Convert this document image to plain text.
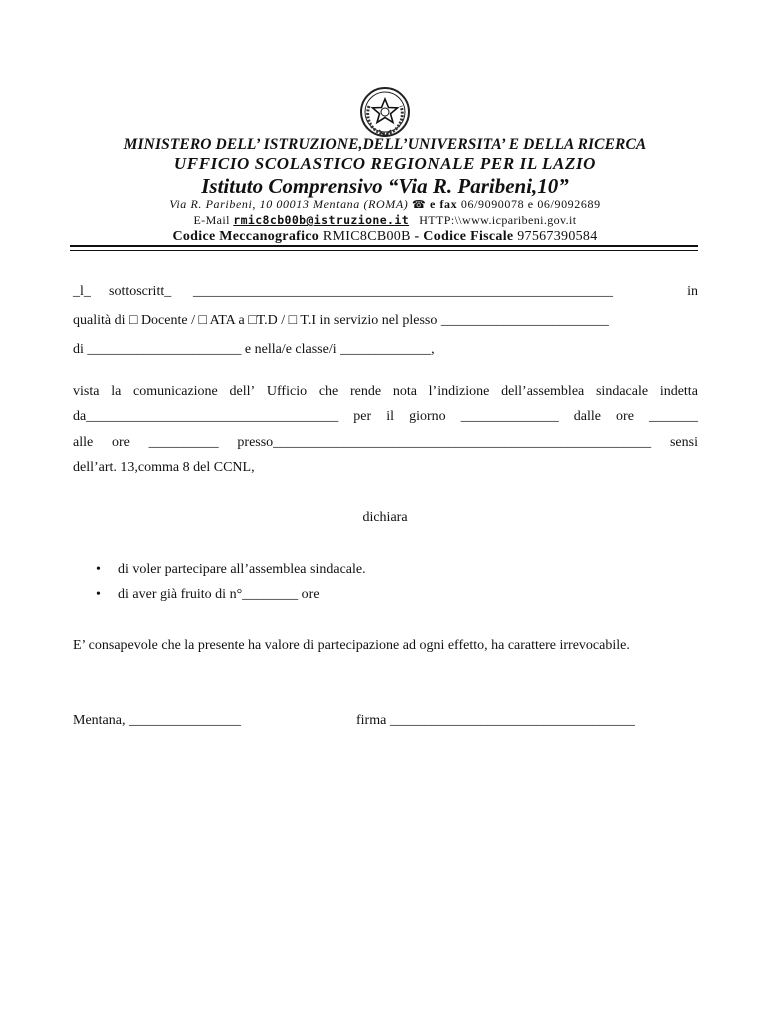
MINISTERO DELL’ ISTRUZIONE,DELL’UNIVERSITA’ E DELLA RICERCA
UFFICIO SCOLASTICO REGIONALE PER IL LAZIO
Istituto Comprensivo “Via R. Paribeni,10”
Via R. Paribeni, 10 00013 Mentana (ROMA) ☎ e fax 06/9090078 e 06/9092689
E-Mail rmic8cb00b@istruzione.it HTTP:\\www.icparibeni.gov.it
Codice Meccanografico RMIC8CB00B - Codice Fiscale 97567390584
_l_ sottoscritt_ ____________________________________________________________	in
qualità di □ Docente / □ ATA a □T.D / □ T.I in servizio nel plesso ________________________
di ______________________ e nella/e classe/i _____________,
vista la comunicazione dell’ Ufficio che rende nota l’indizione dell’assemblea sindacale indetta
da____________________________________ per il giorno ______________ dalle ore _______
alle ore __________ presso______________________________________________________ sensi
dell’art. 13,comma 8 del CCNL,
dichiara
• di voler partecipare all’assemblea sindacale.
• di aver già fruito di n°________ ore
E’ consapevole che la presente ha valore di partecipazione ad ogni effetto, ha carattere irrevocabile.
Mentana, ________________	firma ___________________________________
